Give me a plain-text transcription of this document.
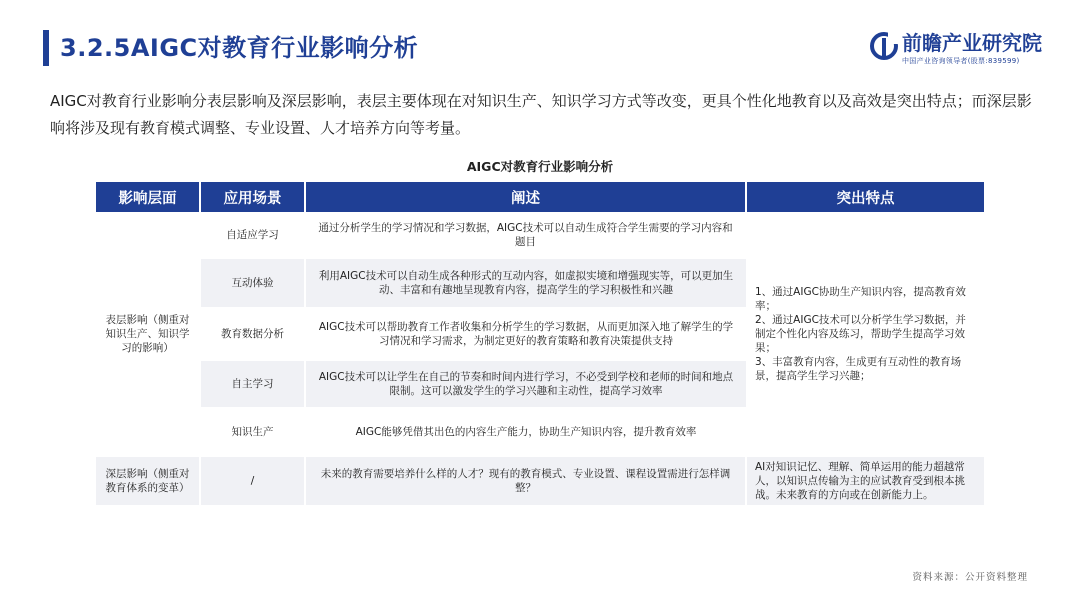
3.2.5AIGC对教育行业影响分析	前瞻产业研究院
中国产业咨询领导者(股票:839599)

AIGC对教育行业影响分表层影响及深层影响，表层主要体现在对知识生产、知识学习方式等改变，更具个性化地教育以及高效是突出特点；而深层影响将涉及现有教育模式调整、专业设置、人才培养方向等考量。

AIGC对教育行业影响分析
影响层面	应用场景	阐述	突出特点
表层影响（侧重对知识生产、知识学习的影响）	自适应学习	通过分析学生的学习情况和学习数据，AIGC技术可以自动生成符合学生需要的学习内容和题目	1、通过AIGC协助生产知识内容，提高教育效率；
2、通过AIGC技术可以分析学生学习数据，并制定个性化内容及练习，帮助学生提高学习效果；
3、丰富教育内容，生成更有互动性的教育场景，提高学生学习兴趣；
	互动体验	利用AIGC技术可以自动生成各种形式的互动内容，如虚拟实境和增强现实等，可以更加生动、丰富和有趣地呈现教育内容，提高学生的学习积极性和兴趣	
	教育数据分析	AIGC技术可以帮助教育工作者收集和分析学生的学习数据，从而更加深入地了解学生的学习情况和学习需求，为制定更好的教育策略和教育决策提供支持	
	自主学习	AIGC技术可以让学生在自己的节奏和时间内进行学习，不必受到学校和老师的时间和地点限制。这可以激发学生的学习兴趣和主动性，提高学习效率	
	知识生产	AIGC能够凭借其出色的内容生产能力，协助生产知识内容，提升教育效率	
深层影响（侧重对教育体系的变革）	/	未来的教育需要培养什么样的人才？现有的教育模式、专业设置、课程设置需进行怎样调整？	AI对知识记忆、理解、简单运用的能力超越常人，以知识点传输为主的应试教育受到根本挑战。未来教育的方向或在创新能力上。
资料来源：公开资料整理
